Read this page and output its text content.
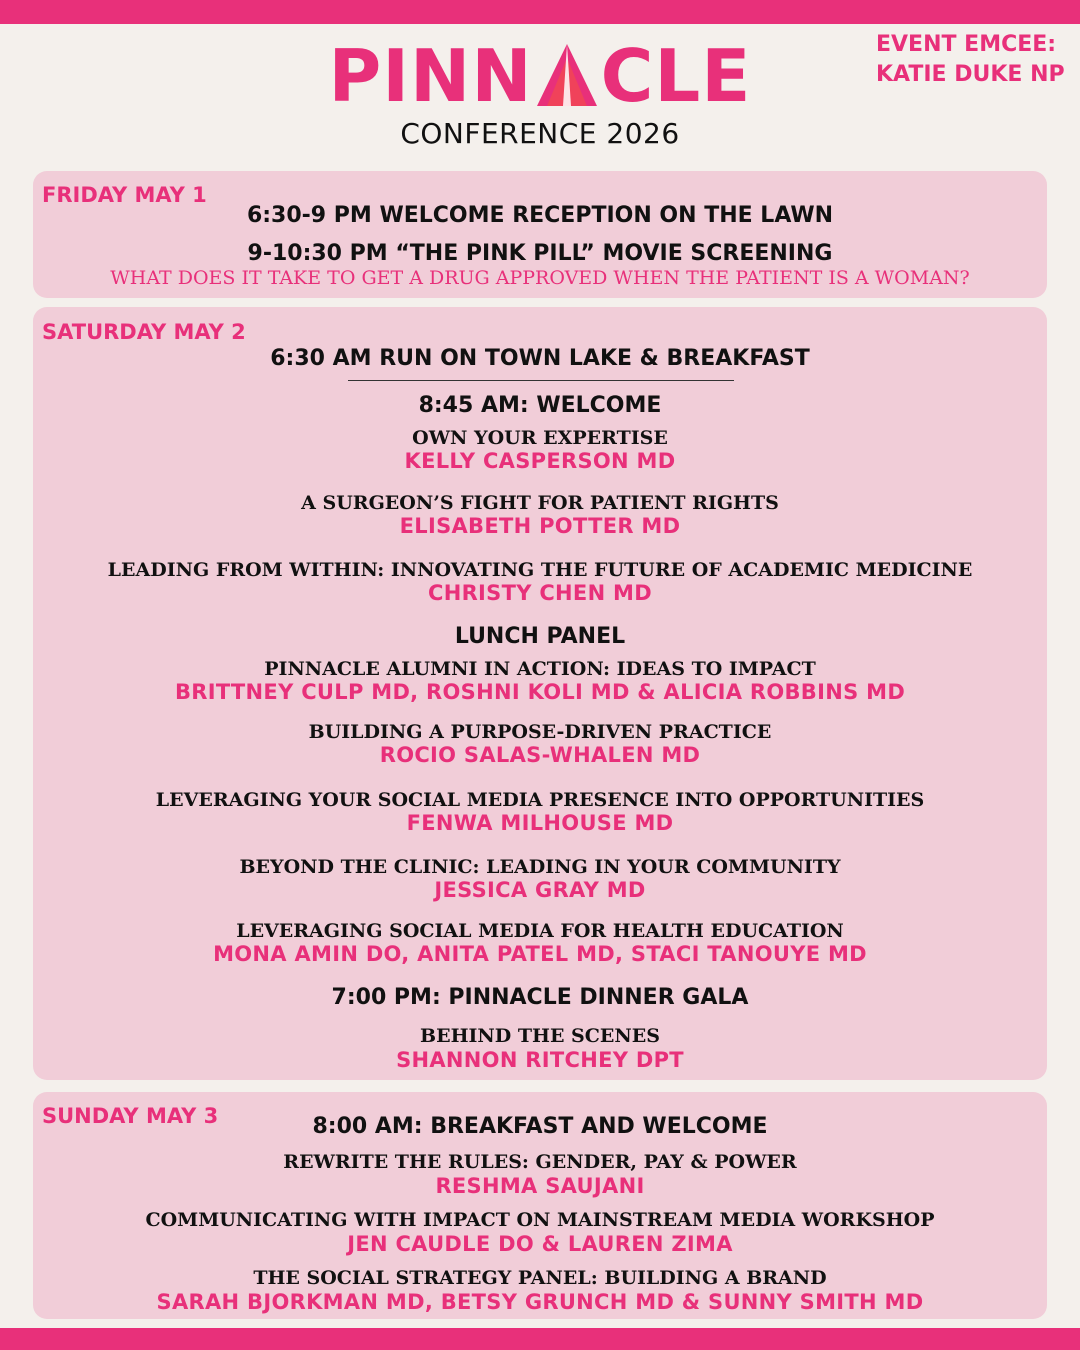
PINN CLE
CONFERENCE 2026
EVENT EMCEE:
KATIE DUKE NP
FRIDAY MAY 1
6:30-9 PM WELCOME RECEPTION ON THE LAWN
9-10:30 PM “THE PINK PILL” MOVIE SCREENING
WHAT DOES IT TAKE TO GET A DRUG APPROVED WHEN THE PATIENT IS A WOMAN?
SATURDAY MAY 2
6:30 AM RUN ON TOWN LAKE & BREAKFAST
8:45 AM: WELCOME
OWN YOUR EXPERTISE
KELLY CASPERSON MD
A SURGEON’S FIGHT FOR PATIENT RIGHTS
ELISABETH POTTER MD
LEADING FROM WITHIN: INNOVATING THE FUTURE OF ACADEMIC MEDICINE
CHRISTY CHEN MD
LUNCH PANEL
PINNACLE ALUMNI IN ACTION: IDEAS TO IMPACT
BRITTNEY CULP MD, ROSHNI KOLI MD & ALICIA ROBBINS MD
BUILDING A PURPOSE-DRIVEN PRACTICE
ROCIO SALAS-WHALEN MD
LEVERAGING YOUR SOCIAL MEDIA PRESENCE INTO OPPORTUNITIES
FENWA MILHOUSE MD
BEYOND THE CLINIC: LEADING IN YOUR COMMUNITY
JESSICA GRAY MD
LEVERAGING SOCIAL MEDIA FOR HEALTH EDUCATION
MONA AMIN DO, ANITA PATEL MD, STACI TANOUYE MD
7:00 PM: PINNACLE DINNER GALA
BEHIND THE SCENES
SHANNON RITCHEY DPT
SUNDAY MAY 3	8:00 AM: BREAKFAST AND WELCOME
REWRITE THE RULES: GENDER, PAY & POWER
RESHMA SAUJANI
COMMUNICATING WITH IMPACT ON MAINSTREAM MEDIA WORKSHOP
JEN CAUDLE DO & LAUREN ZIMA
THE SOCIAL STRATEGY PANEL: BUILDING A BRAND
SARAH BJORKMAN MD, BETSY GRUNCH MD & SUNNY SMITH MD
